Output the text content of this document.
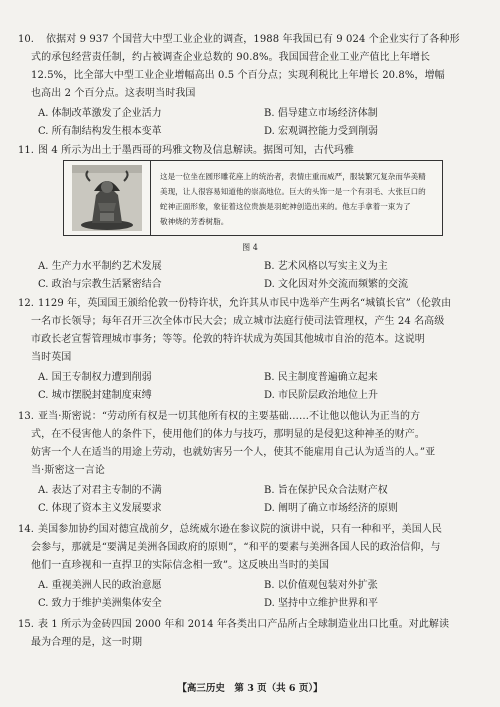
10. 依据对 9 937 个国营大中型工业企业的调查，1988 年我国已有 9 024 个企业实行了各种形
式的承包经营责任制，约占被调查企业总数的 90.8%。我国国营企业工业产值比上年增长
12.5%，比全部大中型工业企业增幅高出 0.5 个百分点；实现利税比上年增长 20.8%，增幅
也高出 2 个百分点。这表明当时我国
A. 体制改革激发了企业活力	B. 倡导建立市场经济体制
C. 所有制结构发生根本变革	D. 宏观调控能力受到削弱
11. 图 4 所示为出土于墨西哥的玛雅文物及信息解读。据图可知，古代玛雅
这是一位坐在圆形雕花座上的统治者，表情庄重而威严，服装繁冗复杂而华美精
美现，让人很容易知道他的崇高地位。巨大的头饰一是一个有羽毛、大张巨口的
蛇神正面形象，象征着这位贵族是羽蛇神创造出来的。他左手拿着一束为了
敬神烧的芳香树脂。
图 4
A. 生产力水平制约艺术发展	B. 艺术风格以写实主义为主
C. 政治与宗教生活紧密结合	D. 文化因对外交流而频繁的交流
12. 1129 年，英国国王颁给伦敦一份特许状，允许其从市民中选举产生两名“城镇长官”（伦敦由
一名市长领导；每年召开三次全体市民大会；成立城市法庭行使司法管理权，产生 24 名高级
市政长老宣誓管理城市事务；等等。伦敦的特许状成为英国其他城市自治的范本。这说明
当时英国
A. 国王专制权力遭到削弱	B. 民主制度普遍确立起来
C. 城市摆脱封建制度束缚	D. 市民阶层政治地位上升
13. 亚当·斯密说：“劳动所有权是一切其他所有权的主要基础……不让他以他认为正当的方
式，在不侵害他人的条件下，使用他们的体力与技巧，那明显的是侵犯这种神圣的财产。
妨害一个人在适当的用途上劳动，也就妨害另一个人，使其不能雇用自己认为适当的人。”亚
当·斯密这一言论
A. 表达了对君主专制的不满	B. 旨在保护民众合法财产权
C. 体现了资本主义发展要求	D. 阐明了确立市场经济的原则
14. 美国参加协约国对德宣战前夕，总统威尔逊在参议院的演讲中说，只有一种和平，美国人民
会参与，那就是“要满足美洲各国政府的原则”，“和平的要素与美洲各国人民的政治信仰，与
他们一直珍视和一直捍卫的实际信念相一致”。这反映出当时的美国
A. 重视美洲人民的政治意愿	B. 以价值观包装对外扩张
C. 致力于维护美洲集体安全	D. 坚持中立维护世界和平
15. 表 1 所示为金砖四国 2000 年和 2014 年各类出口产品所占全球制造业出口比重。对此解读
最为合理的是，这一时期
【高三历史　第 3 页（共 6 页）】
